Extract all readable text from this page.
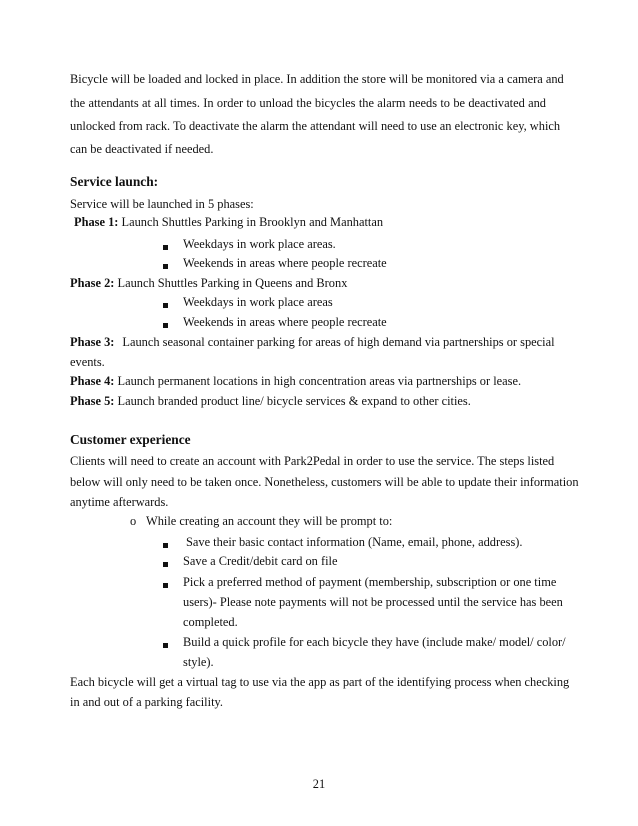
Bicycle will be loaded and locked in place. In addition the store will be monitored via a camera and
the attendants at all times. In order to unload the bicycles the alarm needs to be deactivated and
unlocked from rack. To deactivate the alarm the attendant will need to use an electronic key, which
can be deactivated if needed.
Service launch:
Service will be launched in 5 phases:
Phase 1: Launch Shuttles Parking in Brooklyn and Manhattan
Weekdays in work place areas.
Weekends in areas where people recreate
Phase 2: Launch Shuttles Parking in Queens and Bronx
Weekdays in work place areas
Weekends in areas where people recreate
Phase 3: Launch seasonal container parking for areas of high demand via partnerships or special
events.
Phase 4: Launch permanent locations in high concentration areas via partnerships or lease.
Phase 5: Launch branded product line/ bicycle services & expand to other cities.
Customer experience
Clients will need to create an account with Park2Pedal in order to use the service. The steps listed
below will only need to be taken once. Nonetheless, customers will be able to update their information
anytime afterwards.
o While creating an account they will be prompt to:
Save their basic contact information (Name, email, phone, address).
Save a Credit/debit card on file
Pick a preferred method of payment (membership, subscription or one time
users)- Please note payments will not be processed until the service has been
completed.
Build a quick profile for each bicycle they have (include make/ model/ color/
style).
Each bicycle will get a virtual tag to use via the app as part of the identifying process when checking
in and out of a parking facility.
21
